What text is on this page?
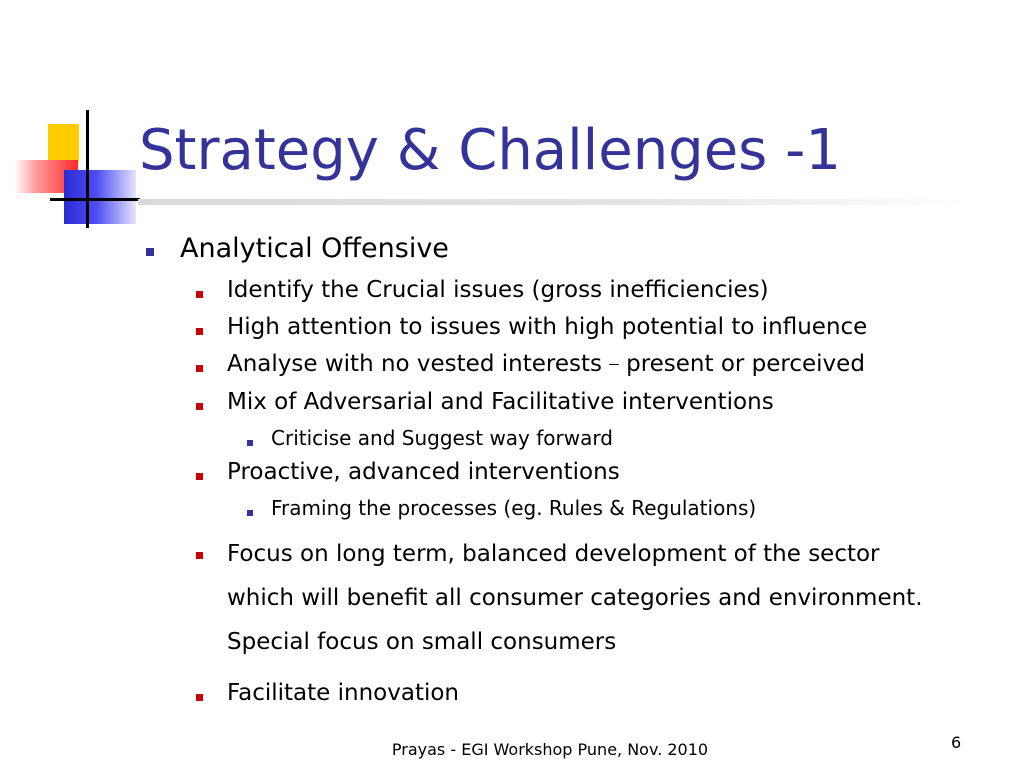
Strategy & Challenges -1
Analytical Offensive
Identify the Crucial issues (gross inefficiencies)
High attention to issues with high potential to influence
Analyse with no vested interests – present or perceived
Mix of Adversarial and Facilitative interventions
Criticise and Suggest way forward
Proactive, advanced interventions
Framing the processes (eg. Rules & Regulations)
Focus on long term, balanced development of the sector
which will benefit all consumer categories and environment.
Special focus on small consumers
Facilitate innovation
Prayas - EGI Workshop Pune, Nov. 2010	6
